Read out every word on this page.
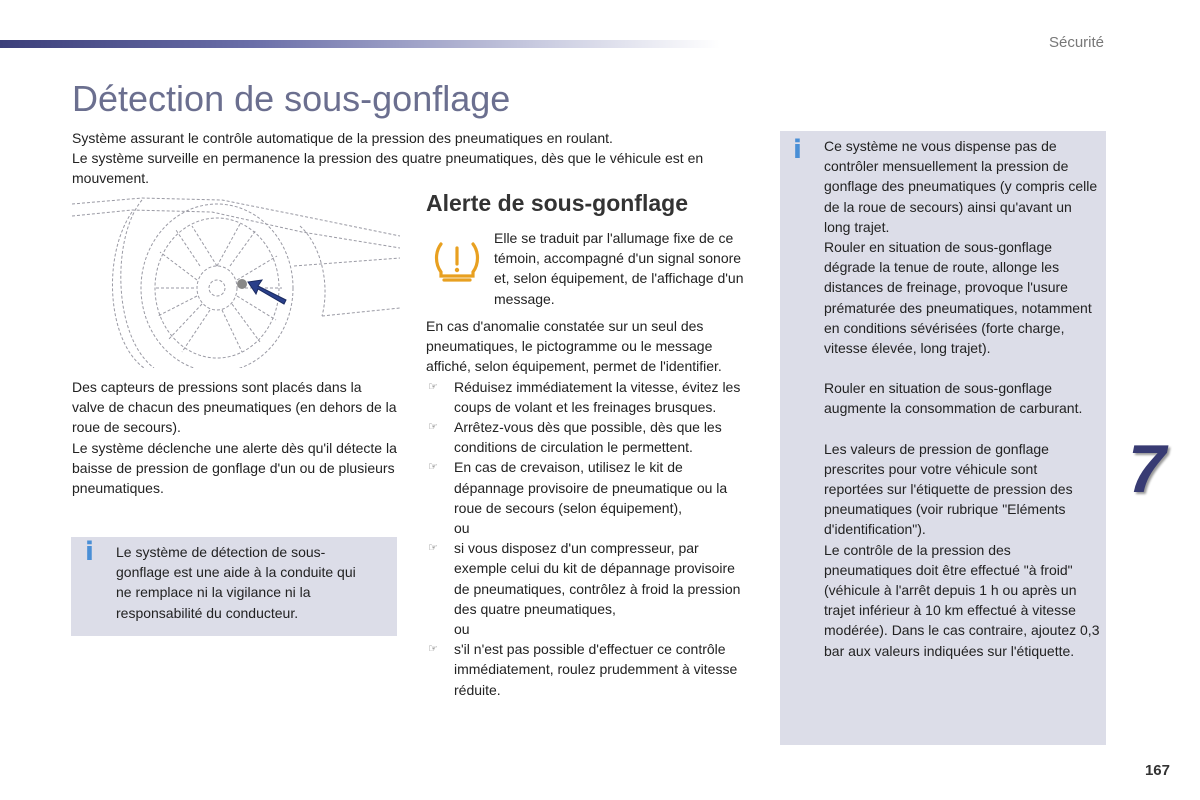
Sécurité
Détection de sous-gonflage

Système assurant le contrôle automatique de la pression des pneumatiques en roulant.

Le système surveille en permanence la pression des quatre pneumatiques, dès que le véhicule est en mouvement.

Des capteurs de pressions sont placés dans la valve de chacun des pneumatiques (en dehors de la roue de secours).

Le système déclenche une alerte dès qu'il détecte la baisse de pression de gonflage d'un ou de plusieurs pneumatiques.

i Le système de détection de sous-gonflage est une aide à la conduite qui ne remplace ni la vigilance ni la responsabilité du conducteur.
Alerte de sous-gonflage
Elle se traduit par l'allumage fixe de ce témoin, accompagné d'un signal sonore et, selon équipement, de l'affichage d'un message.

En cas d'anomalie constatée sur un seul des pneumatiques, le pictogramme ou le message affiché, selon équipement, permet de l'identifier.

☞ Réduisez immédiatement la vitesse, évitez les coups de volant et les freinages brusques.
☞ Arrêtez-vous dès que possible, dès que les conditions de circulation le permettent.
☞ En cas de crevaison, utilisez le kit de dépannage provisoire de pneumatique ou la roue de secours (selon équipement),
ou
☞ si vous disposez d'un compresseur, par exemple celui du kit de dépannage provisoire de pneumatiques, contrôlez à froid la pression des quatre pneumatiques,
ou
☞ s'il n'est pas possible d'effectuer ce contrôle immédiatement, roulez prudemment à vitesse réduite.
i Ce système ne vous dispense pas de contrôler mensuellement la pression de gonflage des pneumatiques (y compris celle de la roue de secours) ainsi qu'avant un long trajet.
Rouler en situation de sous-gonflage dégrade la tenue de route, allonge les distances de freinage, provoque l'usure prématurée des pneumatiques, notamment en conditions sévérisées (forte charge, vitesse élevée, long trajet).
Rouler en situation de sous-gonflage augmente la consommation de carburant.
Les valeurs de pression de gonflage prescrites pour votre véhicule sont reportées sur l'étiquette de pression des pneumatiques (voir rubrique "Eléments d'identification").
Le contrôle de la pression des pneumatiques doit être effectué "à froid" (véhicule à l'arrêt depuis 1 h ou après un trajet inférieur à 10 km effectué à vitesse modérée). Dans le cas contraire, ajoutez 0,3 bar aux valeurs indiquées sur l'étiquette.
7
167
